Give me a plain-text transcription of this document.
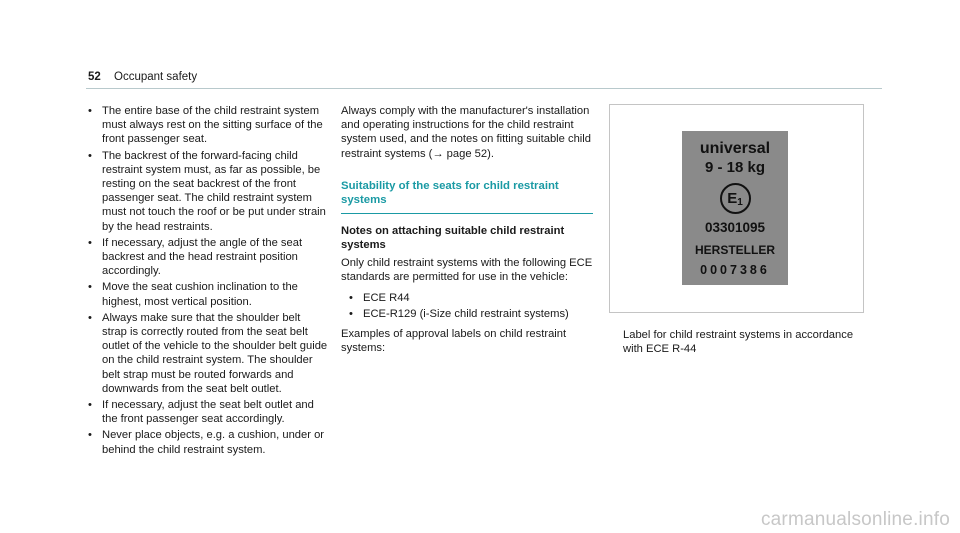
52 Occupant safety
• The entire base of the child restraint system must always rest on the sitting surface of the front passenger seat.
• The backrest of the forward-facing child restraint system must, as far as possible, be resting on the seat backrest of the front passenger seat. The child restraint system must not touch the roof or be put under strain by the head restraints.
• If necessary, adjust the angle of the seat backrest and the head restraint position accordingly.
• Move the seat cushion inclination to the highest, most vertical position.
• Always make sure that the shoulder belt strap is correctly routed from the seat belt outlet of the vehicle to the shoulder belt guide on the child restraint system. The shoulder belt strap must be routed forwards and downwards from the seat belt outlet.
• If necessary, adjust the seat belt outlet and the front passenger seat accordingly.
• Never place objects, e.g. a cushion, under or behind the child restraint system.

Always comply with the manufacturer's installation and operating instructions for the child restraint system used, and the notes on fitting suitable child restraint systems (→ page 52).

Suitability of the seats for child restraint systems
Notes on attaching suitable child restraint systems

Only child restraint systems with the following ECE standards are permitted for use in the vehicle:

• ECE R44
• ECE-R129 (i-Size child restraint systems)

Examples of approval labels on child restraint systems:

universal
9 - 18 kg
$E_1$
03301095
HERSTELLER
0007386
Label for child restraint systems in accordance with ECE R-44
carmanualsonline.info
